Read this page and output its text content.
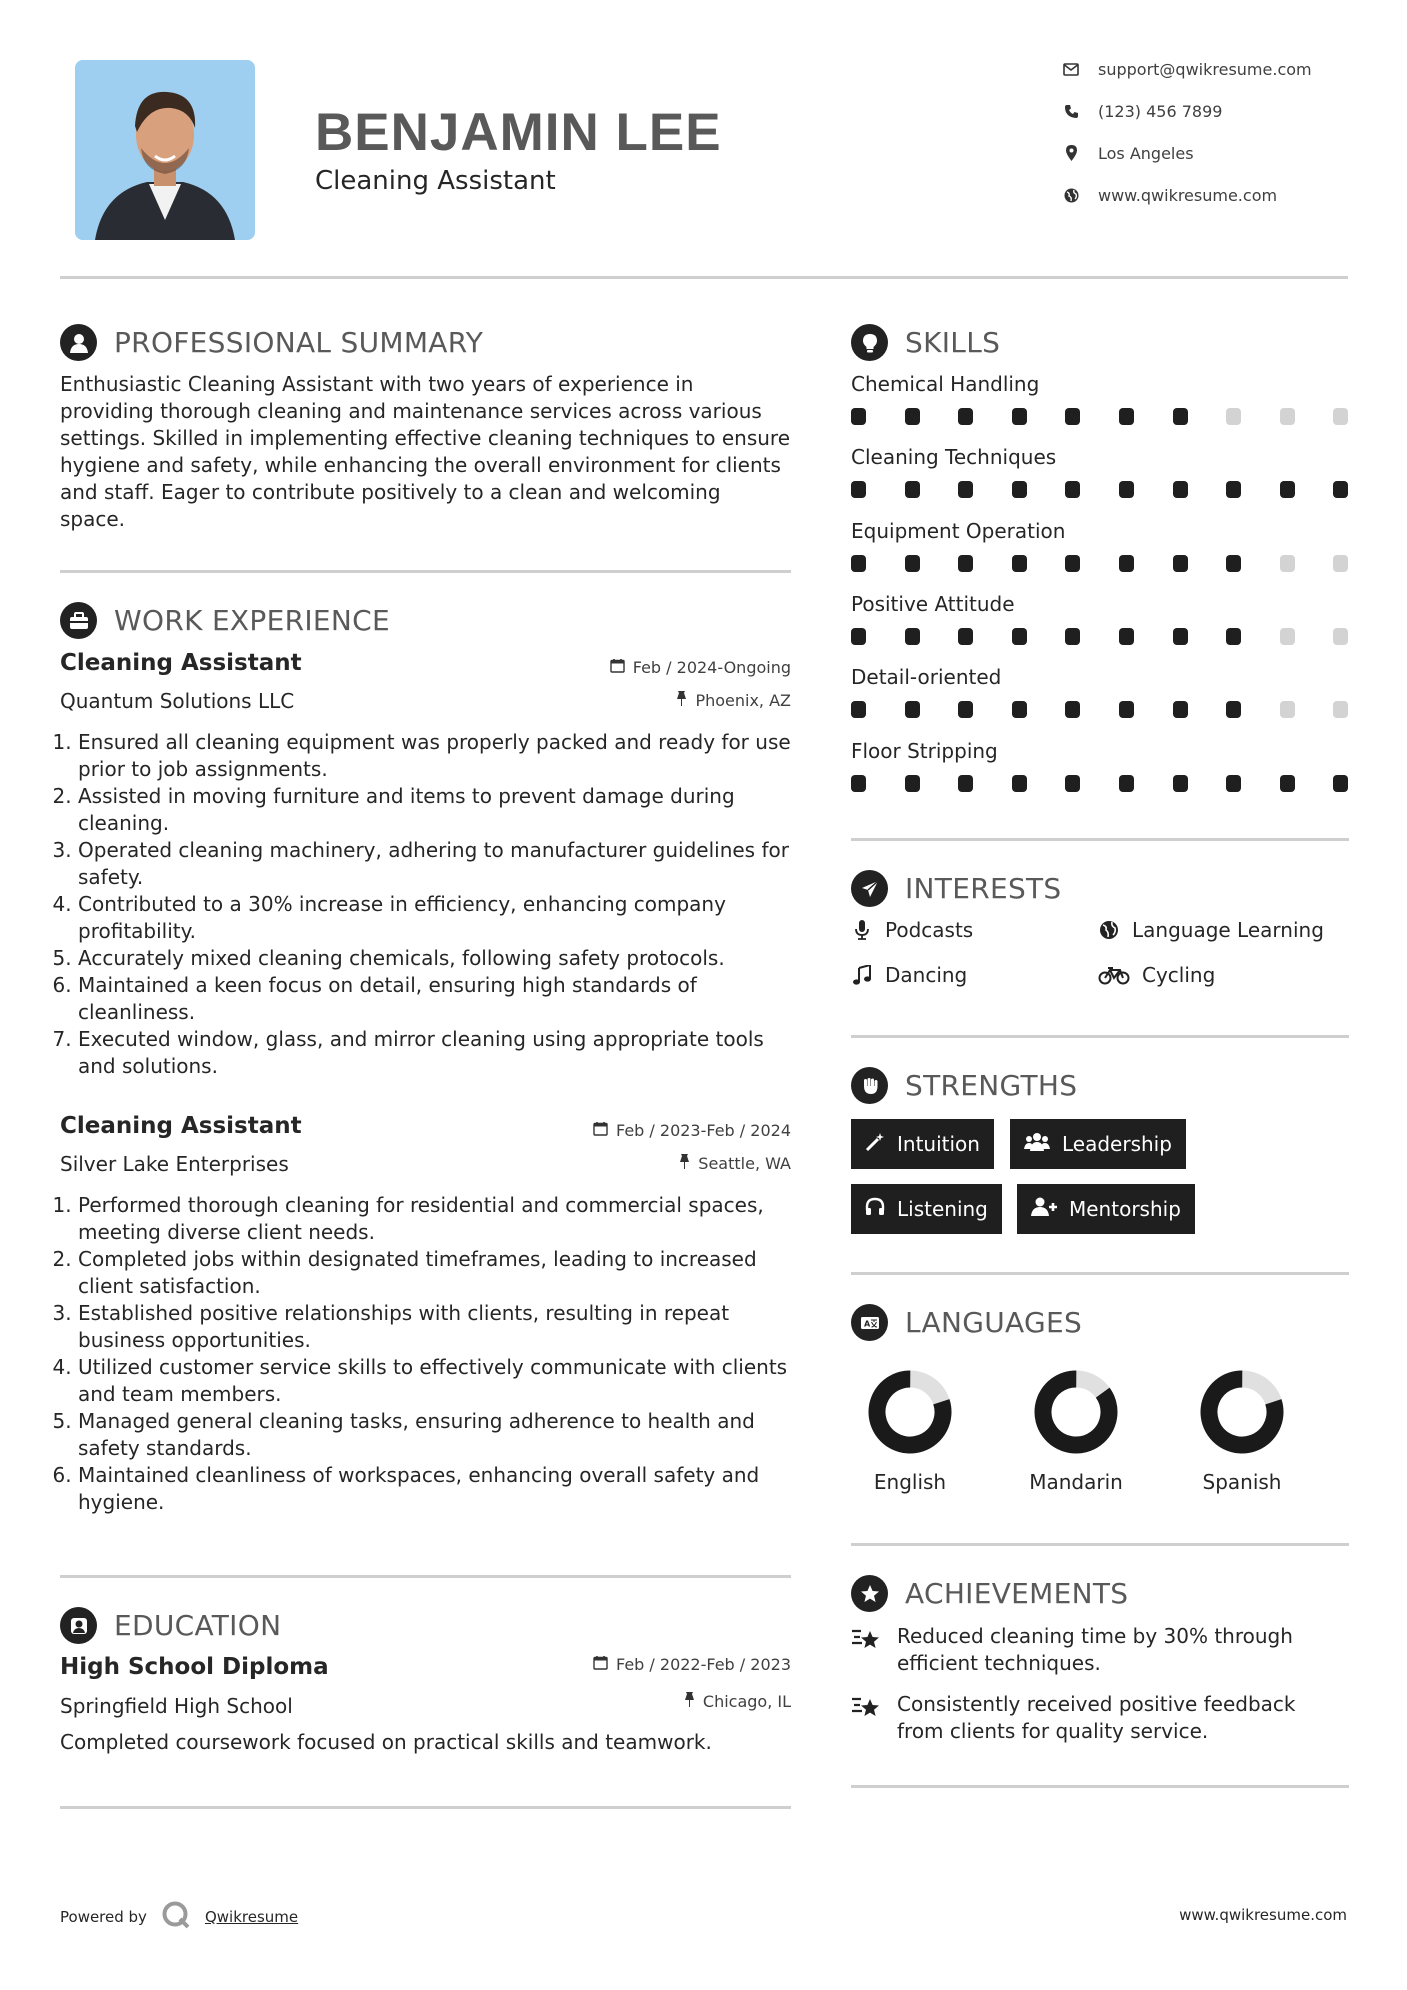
BENJAMIN LEE
Cleaning Assistant
support@qwikresume.com
(123) 456 7899
Los Angeles
www.qwikresume.com
PROFESSIONAL SUMMARY
Enthusiastic Cleaning Assistant with two years of experience in providing thorough cleaning and maintenance services across various settings. Skilled in implementing effective cleaning techniques to ensure hygiene and safety, while enhancing the overall environment for clients and staff. Eager to contribute positively to a clean and welcoming space.
WORK EXPERIENCE
Cleaning Assistant	Feb / 2024-Ongoing
Quantum Solutions LLC	Phoenix, AZ
1. Ensured all cleaning equipment was properly packed and ready for use prior to job assignments.
2. Assisted in moving furniture and items to prevent damage during cleaning.
3. Operated cleaning machinery, adhering to manufacturer guidelines for safety.
4. Contributed to a 30% increase in efficiency, enhancing company profitability.
5. Accurately mixed cleaning chemicals, following safety protocols.
6. Maintained a keen focus on detail, ensuring high standards of cleanliness.
7. Executed window, glass, and mirror cleaning using appropriate tools and solutions.
Cleaning Assistant	Feb / 2023-Feb / 2024
Silver Lake Enterprises	Seattle, WA
1. Performed thorough cleaning for residential and commercial spaces, meeting diverse client needs.
2. Completed jobs within designated timeframes, leading to increased client satisfaction.
3. Established positive relationships with clients, resulting in repeat business opportunities.
4. Utilized customer service skills to effectively communicate with clients and team members.
5. Managed general cleaning tasks, ensuring adherence to health and safety standards.
6. Maintained cleanliness of workspaces, enhancing overall safety and hygiene.
EDUCATION
High School Diploma	Feb / 2022-Feb / 2023
Springfield High School	Chicago, IL
Completed coursework focused on practical skills and teamwork.
SKILLS
Chemical Handling
Cleaning Techniques
Equipment Operation
Positive Attitude
Detail-oriented
Floor Stripping
INTERESTS
Podcasts	Language Learning
Dancing	Cycling
STRENGTHS
Intuition	Leadership
Listening	Mentorship
A LANGUAGES
English	Mandarin	Spanish
ACHIEVEMENTS
Reduced cleaning time by 30% through efficient techniques.
Consistently received positive feedback from clients for quality service.
Powered by	Qwikresume	www.qwikresume.com
